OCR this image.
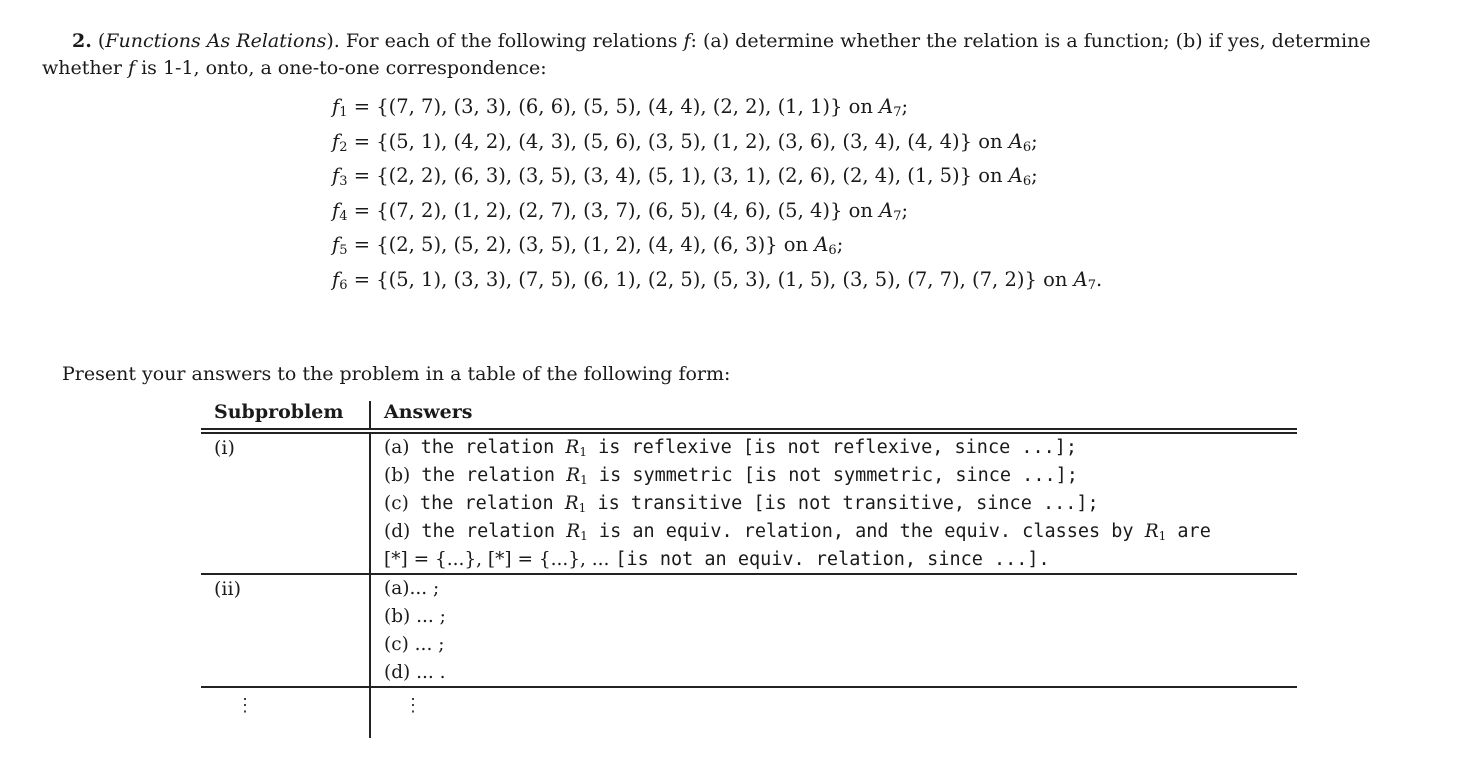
2. (Functions As Relations). For each of the following relations f: (a) determine whether the relation is a function; (b) if yes, determine whether f is 1-1, onto, a one-to-one correspondence:

$f_1 = \{(7$, 7), (3, 3), (6, 6), (5, 5), (4, 4), (2, 2), (1, 1)} on $A_7$;
$f_2 = \{(5$, 1), (4, 2), (4, 3), (5, 6), (3, 5), (1, 2), (3, 6), (3, 4), (4, 4)} on $A_6$;
$f_3 = \{(2$, 2), (6, 3), (3, 5), (3, 4), (5, 1), (3, 1), (2, 6), (2, 4), (1, 5)} on $A_6$;
$f_4 = \{(7$, 2), (1, 2), (2, 7), (3, 7), (6, 5), (4, 6), (5, 4)} on $A_7$;
$f_5 = \{(2$, 5), (5, 2), (3, 5), (1, 2), (4, 4), (6, 3)} on $A_6$;
$f_6 = \{(5$, 1), (3, 3), (7, 5), (6, 1), (2, 5), (5, 3), (1, 5), (3, 5), (7, 7), (7, 2)} on $A_7$.

Present your answers to the problem in a table of the following form:

Subproblem Answers
(i)	(a) the relation $R_1$ is reflexive [is not reflexive, since ...];
(b) the relation $R_1$ is symmetric [is not symmetric, since ...];
(c) the relation $R_1$ is transitive [is not transitive, since ...];
(d) the relation $R_1$ is an equiv. relation, and the equiv. classes by $R_1$ are
[*] = {...}, [*] = {...}, ... [is not an equiv. relation, since ...].
(ii)	(a)... ;
(b) ... ;
(c) ... ;
(d) ... .
⋮	⋮
